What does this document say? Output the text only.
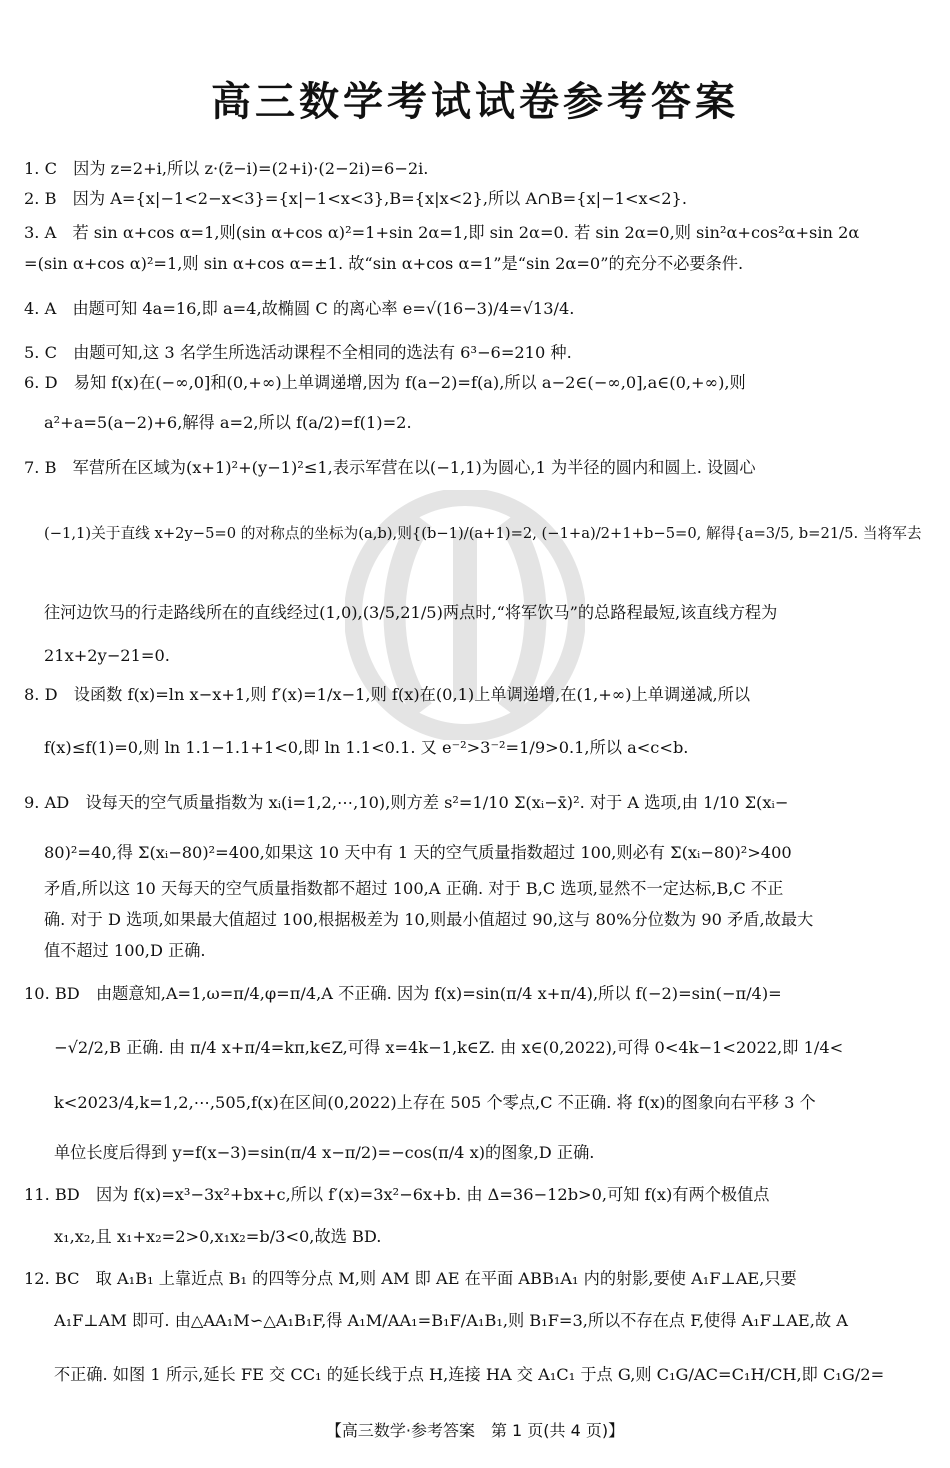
高三数学考试试卷参考答案
1. C　因为 z=2+i,所以 z·(z̄−i)=(2+i)·(2−2i)=6−2i.
2. B　因为 A={x|−1<2−x<3}={x|−1<x<3},B={x|x<2},所以 A∩B={x|−1<x<2}.
3. A　若 sin α+cos α=1,则(sin α+cos α)²=1+sin 2α=1,即 sin 2α=0. 若 sin 2α=0,则 sin²α+cos²α+sin 2α
=(sin α+cos α)²=1,则 sin α+cos α=±1. 故“sin α+cos α=1”是“sin 2α=0”的充分不必要条件.
4. A　由题可知 4a=16,即 a=4,故椭圆 C 的离心率 e=√(16−3)/4=√13/4.
5. C　由题可知,这 3 名学生所选活动课程不全相同的选法有 6³−6=210 种.
6. D　易知 f(x)在(−∞,0]和(0,+∞)上单调递增,因为 f(a−2)=f(a),所以 a−2∈(−∞,0],a∈(0,+∞),则
a²+a=5(a−2)+6,解得 a=2,所以 f(a/2)=f(1)=2.
7. B　军营所在区域为(x+1)²+(y−1)²≤1,表示军营在以(−1,1)为圆心,1 为半径的圆内和圆上. 设圆心
(−1,1)关于直线 x+2y−5=0 的对称点的坐标为(a,b),则{(b−1)/(a+1)=2, (−1+a)/2+1+b−5=0, 解得{a=3/5, b=21/5. 当将军去
往河边饮马的行走路线所在的直线经过(1,0),(3/5,21/5)两点时,“将军饮马”的总路程最短,该直线方程为
21x+2y−21=0.
8. D　设函数 f(x)=ln x−x+1,则 f′(x)=1/x−1,则 f(x)在(0,1)上单调递增,在(1,+∞)上单调递减,所以
f(x)≤f(1)=0,则 ln 1.1−1.1+1<0,即 ln 1.1<0.1. 又 e⁻²>3⁻²=1/9>0.1,所以 a<c<b.
9. AD　设每天的空气质量指数为 xᵢ(i=1,2,⋯,10),则方差 s²=1/10 Σ(xᵢ−x̄)². 对于 A 选项,由 1/10 Σ(xᵢ−
80)²=40,得 Σ(xᵢ−80)²=400,如果这 10 天中有 1 天的空气质量指数超过 100,则必有 Σ(xᵢ−80)²>400
矛盾,所以这 10 天每天的空气质量指数都不超过 100,A 正确. 对于 B,C 选项,显然不一定达标,B,C 不正
确. 对于 D 选项,如果最大值超过 100,根据极差为 10,则最小值超过 90,这与 80%分位数为 90 矛盾,故最大
值不超过 100,D 正确.
10. BD　由题意知,A=1,ω=π/4,φ=π/4,A 不正确. 因为 f(x)=sin(π/4 x+π/4),所以 f(−2)=sin(−π/4)=
−√2/2,B 正确. 由 π/4 x+π/4=kπ,k∈Z,可得 x=4k−1,k∈Z. 由 x∈(0,2022),可得 0<4k−1<2022,即 1/4<
k<2023/4,k=1,2,⋯,505,f(x)在区间(0,2022)上存在 505 个零点,C 不正确. 将 f(x)的图象向右平移 3 个
单位长度后得到 y=f(x−3)=sin(π/4 x−π/2)=−cos(π/4 x)的图象,D 正确.
11. BD　因为 f(x)=x³−3x²+bx+c,所以 f′(x)=3x²−6x+b. 由 Δ=36−12b>0,可知 f(x)有两个极值点
x₁,x₂,且 x₁+x₂=2>0,x₁x₂=b/3<0,故选 BD.
12. BC　取 A₁B₁ 上靠近点 B₁ 的四等分点 M,则 AM 即 AE 在平面 ABB₁A₁ 内的射影,要使 A₁F⊥AE,只要
A₁F⊥AM 即可. 由△AA₁M∽△A₁B₁F,得 A₁M/AA₁=B₁F/A₁B₁,则 B₁F=3,所以不存在点 F,使得 A₁F⊥AE,故 A
不正确. 如图 1 所示,延长 FE 交 CC₁ 的延长线于点 H,连接 HA 交 A₁C₁ 于点 G,则 C₁G/AC=C₁H/CH,即 C₁G/2=
【高三数学·参考答案　第 1 页(共 4 页)】
